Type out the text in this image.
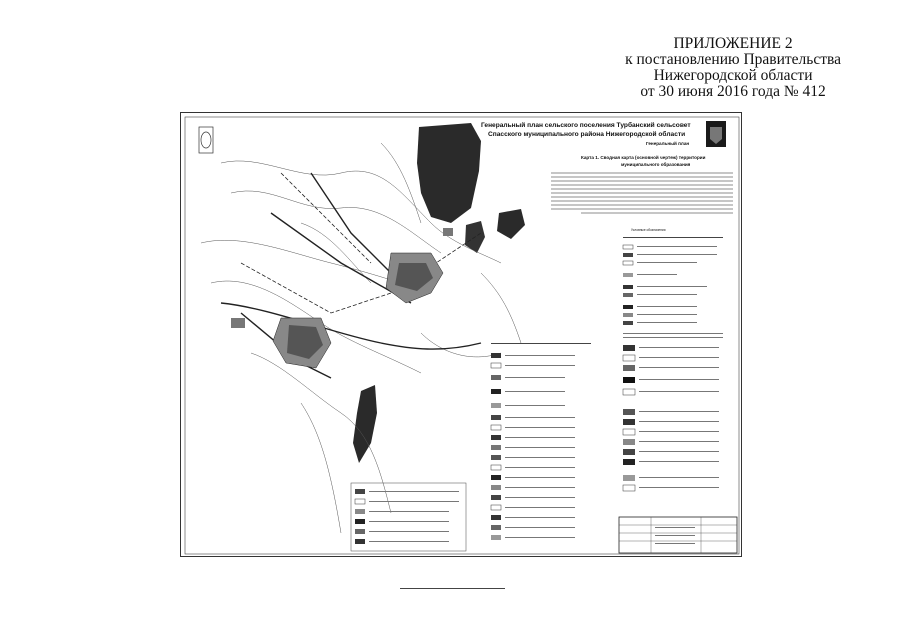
ПРИЛОЖЕНИЕ 2
к постановлению Правительства
Нижегородской области
от 30 июня 2016 года № 412
Генеральный план сельского поселения Турбанский сельсовет
Спасского муниципального района Нижегородской области
Генеральный план
Карта 1. Сводная карта (основной чертеж) территории
муниципального образования
Условные обозначения
